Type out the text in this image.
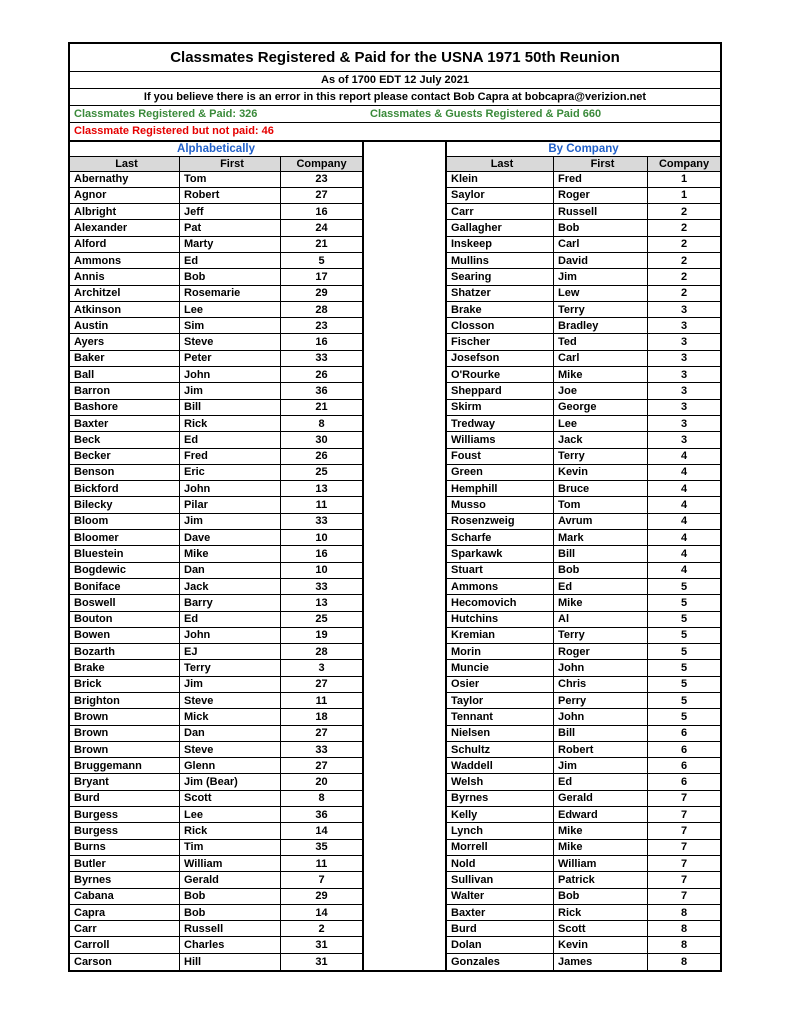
Classmates Registered & Paid for the USNA 1971 50th Reunion
As of 1700 EDT 12 July 2021
If you believe there is an error in this report please contact Bob Capra at bobcapra@verizion.net
Classmates Registered & Paid: 326	Classmates & Guests Registered & Paid 660
Classmate Registered but not paid: 46
Alphabetically
Last	First	Company
Abernathy	Tom	23
Agnor	Robert	27
Albright	Jeff	16
Alexander	Pat	24
Alford	Marty	21
Ammons	Ed	5
Annis	Bob	17
Architzel	Rosemarie	29
Atkinson	Lee	28
Austin	Sim	23
Ayers	Steve	16
Baker	Peter	33
Ball	John	26
Barron	Jim	36
Bashore	Bill	21
Baxter	Rick	8
Beck	Ed	30
Becker	Fred	26
Benson	Eric	25
Bickford	John	13
Bilecky	Pilar	11
Bloom	Jim	33
Bloomer	Dave	10
Bluestein	Mike	16
Bogdewic	Dan	10
Boniface	Jack	33
Boswell	Barry	13
Bouton	Ed	25
Bowen	John	19
Bozarth	EJ	28
Brake	Terry	3
Brick	Jim	27
Brighton	Steve	11
Brown	Mick	18
Brown	Dan	27
Brown	Steve	33
Bruggemann	Glenn	27
Bryant	Jim (Bear)	20
Burd	Scott	8
Burgess	Lee	36
Burgess	Rick	14
Burns	Tim	35
Butler	William	11
Byrnes	Gerald	7
Cabana	Bob	29
Capra	Bob	14
Carr	Russell	2
Carroll	Charles	31
Carson	Hill	31
By Company
Last	First	Company
Klein	Fred	1
Saylor	Roger	1
Carr	Russell	2
Gallagher	Bob	2
Inskeep	Carl	2
Mullins	David	2
Searing	Jim	2
Shatzer	Lew	2
Brake	Terry	3
Closson	Bradley	3
Fischer	Ted	3
Josefson	Carl	3
O'Rourke	Mike	3
Sheppard	Joe	3
Skirm	George	3
Tredway	Lee	3
Williams	Jack	3
Foust	Terry	4
Green	Kevin	4
Hemphill	Bruce	4
Musso	Tom	4
Rosenzweig	Avrum	4
Scharfe	Mark	4
Sparkawk	Bill	4
Stuart	Bob	4
Ammons	Ed	5
Hecomovich	Mike	5
Hutchins	Al	5
Kremian	Terry	5
Morin	Roger	5
Muncie	John	5
Osier	Chris	5
Taylor	Perry	5
Tennant	John	5
Nielsen	Bill	6
Schultz	Robert	6
Waddell	Jim	6
Welsh	Ed	6
Byrnes	Gerald	7
Kelly	Edward	7
Lynch	Mike	7
Morrell	Mike	7
Nold	William	7
Sullivan	Patrick	7
Walter	Bob	7
Baxter	Rick	8
Burd	Scott	8
Dolan	Kevin	8
Gonzales	James	8
